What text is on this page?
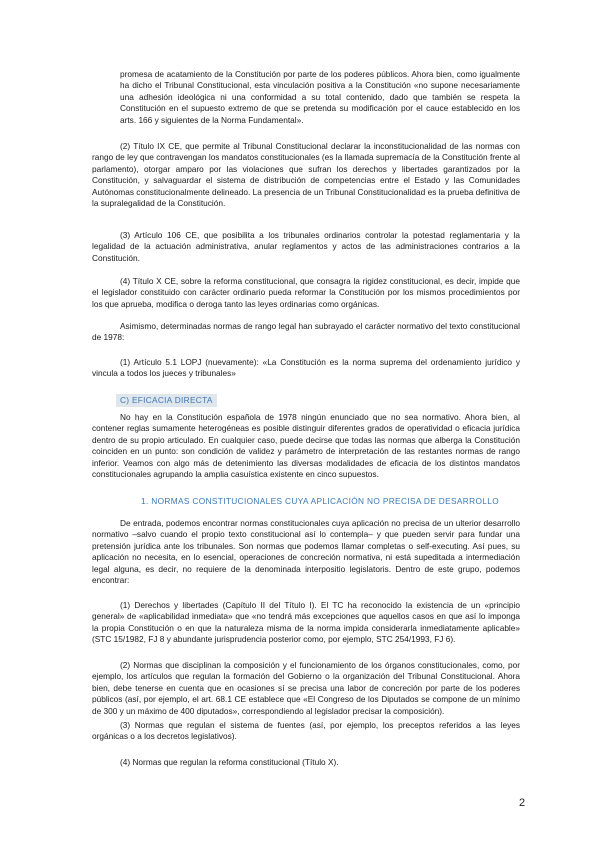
promesa de acatamiento de la Constitución por parte de los poderes públicos. Ahora bien, como igualmente ha dicho el Tribunal Constitucional, esta vinculación positiva a la Constitución «no supone necesariamente una adhesión ideológica ni una conformidad a su total contenido, dado que también se respeta la Constitución en el supuesto extremo de que se pretenda su modificación por el cauce establecido en los arts. 166 y siguientes de la Norma Fundamental».

(2) Título IX CE, que permite al Tribunal Constitucional declarar la inconstitucionalidad de las normas con rango de ley que contravengan los mandatos constitucionales (es la llamada supremacía de la Constitución frente al parlamento), otorgar amparo por las violaciones que sufran los derechos y libertades garantizados por la Constitución, y salvaguardar el sistema de distribución de competencias entre el Estado y las Comunidades Autónomas constitucionalmente delineado. La presencia de un Tribunal Constitucionalidad es la prueba definitiva de la supralegalidad de la Constitución.

(3) Artículo 106 CE, que posibilita a los tribunales ordinarios controlar la potestad reglamentaria y la legalidad de la actuación administrativa, anular reglamentos y actos de las administraciones contrarios a la Constitución.

(4) Título X CE, sobre la reforma constitucional, que consagra la rigidez constitucional, es decir, impide que el legislador constituido con carácter ordinario pueda reformar la Constitución por los mismos procedimientos por los que aprueba, modifica o deroga tanto las leyes ordinarias como orgánicas.

Asimismo, determinadas normas de rango legal han subrayado el carácter normativo del texto constitucional de 1978:

(1) Artículo 5.1 LOPJ (nuevamente): «La Constitución es la norma suprema del ordenamiento jurídico y vincula a todos los jueces y tribunales»

C) EFICACIA DIRECTA

No hay en la Constitución española de 1978 ningún enunciado que no sea normativo. Ahora bien, al contener reglas sumamente heterogéneas es posible distinguir diferentes grados de operatividad o eficacia jurídica dentro de su propio articulado. En cualquier caso, puede decirse que todas las normas que alberga la Constitución coinciden en un punto: son condición de validez y parámetro de interpretación de las restantes normas de rango inferior. Veamos con algo más de detenimiento las diversas modalidades de eficacia de los distintos mandatos constitucionales agrupando la amplia casuística existente en cinco supuestos.

1. NORMAS CONSTITUCIONALES CUYA APLICACIÓN NO PRECISA DE DESARROLLO

De entrada, podemos encontrar normas constitucionales cuya aplicación no precisa de un ulterior desarrollo normativo –salvo cuando el propio texto constitucional así lo contempla– y que pueden servir para fundar una pretensión jurídica ante los tribunales. Son normas que podemos llamar completas o self-executing. Así pues, su aplicación no necesita, en lo esencial, operaciones de concreción normativa, ni está supeditada a intermediación legal alguna, es decir, no requiere de la denominada interpositio legislatoris. Dentro de este grupo, podemos encontrar:

(1) Derechos y libertades (Capítulo II del Título I). El TC ha reconocido la existencia de un «principio general» de «aplicabilidad inmediata» que «no tendrá más excepciones que aquellos casos en que así lo imponga la propia Constitución o en que la naturaleza misma de la norma impida considerarla inmediatamente aplicable» (STC 15/1982, FJ 8 y abundante jurisprudencia posterior como, por ejemplo, STC 254/1993, FJ 6).

(2) Normas que disciplinan la composición y el funcionamiento de los órganos constitucionales, como, por ejemplo, los artículos que regulan la formación del Gobierno o la organización del Tribunal Constitucional. Ahora bien, debe tenerse en cuenta que en ocasiones sí se precisa una labor de concreción por parte de los poderes públicos (así, por ejemplo, el art. 68.1 CE establece que «El Congreso de los Diputados se compone de un mínimo de 300 y un máximo de 400 diputados», correspondiendo al legislador precisar la composición).

(3) Normas que regulan el sistema de fuentes (así, por ejemplo, los preceptos referidos a las leyes orgánicas o a los decretos legislativos).

(4) Normas que regulan la reforma constitucional (Título X).

2
